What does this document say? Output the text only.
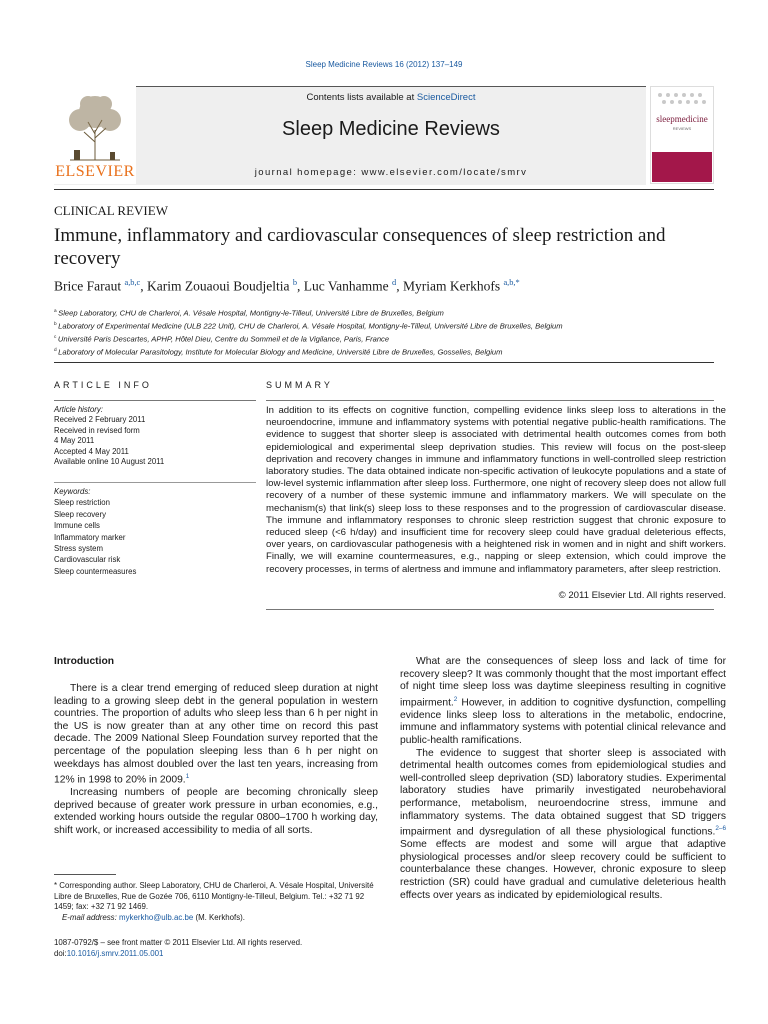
Sleep Medicine Reviews 16 (2012) 137–149
ELSEVIER
Contents lists available at ScienceDirect
Sleep Medicine Reviews
journal homepage: www.elsevier.com/locate/smrv
sleepmedicine
REVIEWS
CLINICAL REVIEW
Immune, inflammatory and cardiovascular consequences of sleep restriction and recovery
Brice Faraut $^{a,b,c}$, Karim Zouaoui Boudjeltia $^b$, Luc Vanhamme $^d$, Myriam Kerkhofs $^{a,b,*}$
$^a$  Sleep Laboratory, CHU de Charleroi, A. Vésale Hospital, Montigny-le-Tilleul, Université Libre de Bruxelles, Belgium
$^b$  Laboratory of Experimental Medicine (ULB 222 Unit), CHU de Charleroi, A. Vésale Hospital, Montigny-le-Tilleul, Université Libre de Bruxelles, Belgium
$^c$  Université Paris Descartes, APHP, Hôtel Dieu, Centre du Sommeil et de la Vigilance, Paris, France
$^d$  Laboratory of Molecular Parasitology, Institute for Molecular Biology and Medicine, Université Libre de Bruxelles, Gosselies, Belgium
ARTICLE INFO	SUMMARY
Article history:
Received 2 February 2011
Received in revised form
4 May 2011
Accepted 4 May 2011
Available online 10 August 2011
Keywords:
Sleep restriction
Sleep recovery
Immune cells
Inflammatory marker
Stress system
Cardiovascular risk
Sleep countermeasures
In addition to its effects on cognitive function, compelling evidence links sleep loss to alterations in the neuroendocrine, immune and inflammatory systems with potential negative public-health ramifications. The evidence to suggest that shorter sleep is associated with detrimental health outcomes comes from both epidemiological and experimental sleep deprivation studies. This review will focus on the post-sleep deprivation and recovery changes in immune and inflammatory functions in well-controlled sleep restriction laboratory studies. The data obtained indicate non-specific activation of leukocyte populations and a state of low-level systemic inflammation after sleep loss. Furthermore, one night of recovery sleep does not allow full recovery of a number of these systemic immune and inflammatory markers. We will speculate on the mechanism(s) that link(s) sleep loss to these responses and to the progression of cardiovascular disease. The immune and inflammatory responses to chronic sleep restriction suggest that chronic exposure to reduced sleep (<6 h/day) and insufficient time for recovery sleep could have gradual deleterious effects, over years, on cardiovascular pathogenesis with a heightened risk in women and in night and shift workers. Finally, we will examine countermeasures, e.g., napping or sleep extension, which could improve the recovery processes, in terms of alertness and immune and inflammatory parameters, after sleep restriction.
© 2011 Elsevier Ltd. All rights reserved.
Introduction

There is a clear trend emerging of reduced sleep duration at night leading to a growing sleep debt in the general population in western countries. The proportion of adults who sleep less than 6 h per night in the US is now greater than at any other time on record this past decade. The 2009 National Sleep Foundation survey reported that the percentage of the population sleeping less than 6 h per night on weekdays has almost doubled over the last ten years, increasing from 12% in 1998 to 20% in 2009.$^1$

Increasing numbers of people are becoming chronically sleep deprived because of greater work pressure in urban economies, e.g., extended working hours outside the regular 0800–1700 h working day, shift work, or increased accessibility to media of all sorts.

What are the consequences of sleep loss and lack of time for recovery sleep? It was commonly thought that the most important effect of night time sleep loss was daytime sleepiness resulting in cognitive impairment.$^2$ However, in addition to cognitive dysfunction, compelling evidence links sleep loss to alterations in the metabolic, endocrine, immune and inflammatory systems with potential clinical relevance and public-health ramifications.

The evidence to suggest that shorter sleep is associated with detrimental health outcomes comes from epidemiological studies and well-controlled sleep deprivation (SD) laboratory studies. Experimental laboratory studies have primarily investigated neurobehavioral performance, metabolism, neuroendocrine stress, immune and inflammatory systems. The data obtained suggest that SD triggers impairment and dysregulation of all these physiological functions.$^{2-6}$ Some effects are modest and some will argue that adaptive physiological processes and/or sleep recovery could be sufficient to counterbalance these changes. However, chronic exposure to sleep restriction (SR) could have gradual and cumulative deleterious health effects over years as indicated by epidemiological results.

* Corresponding author. Sleep Laboratory, CHU de Charleroi, A. Vésale Hospital, Université Libre de Bruxelles, Rue de Gozée 706, 6110 Montigny-le-Tilleul, Belgium. Tel.: +32 71 92 1459; fax: +32 71 92 1469.
E-mail address: mykerkho@ulb.ac.be (M. Kerkhofs).
1087-0792/$ – see front matter © 2011 Elsevier Ltd. All rights reserved.
doi:10.1016/j.smrv.2011.05.001
